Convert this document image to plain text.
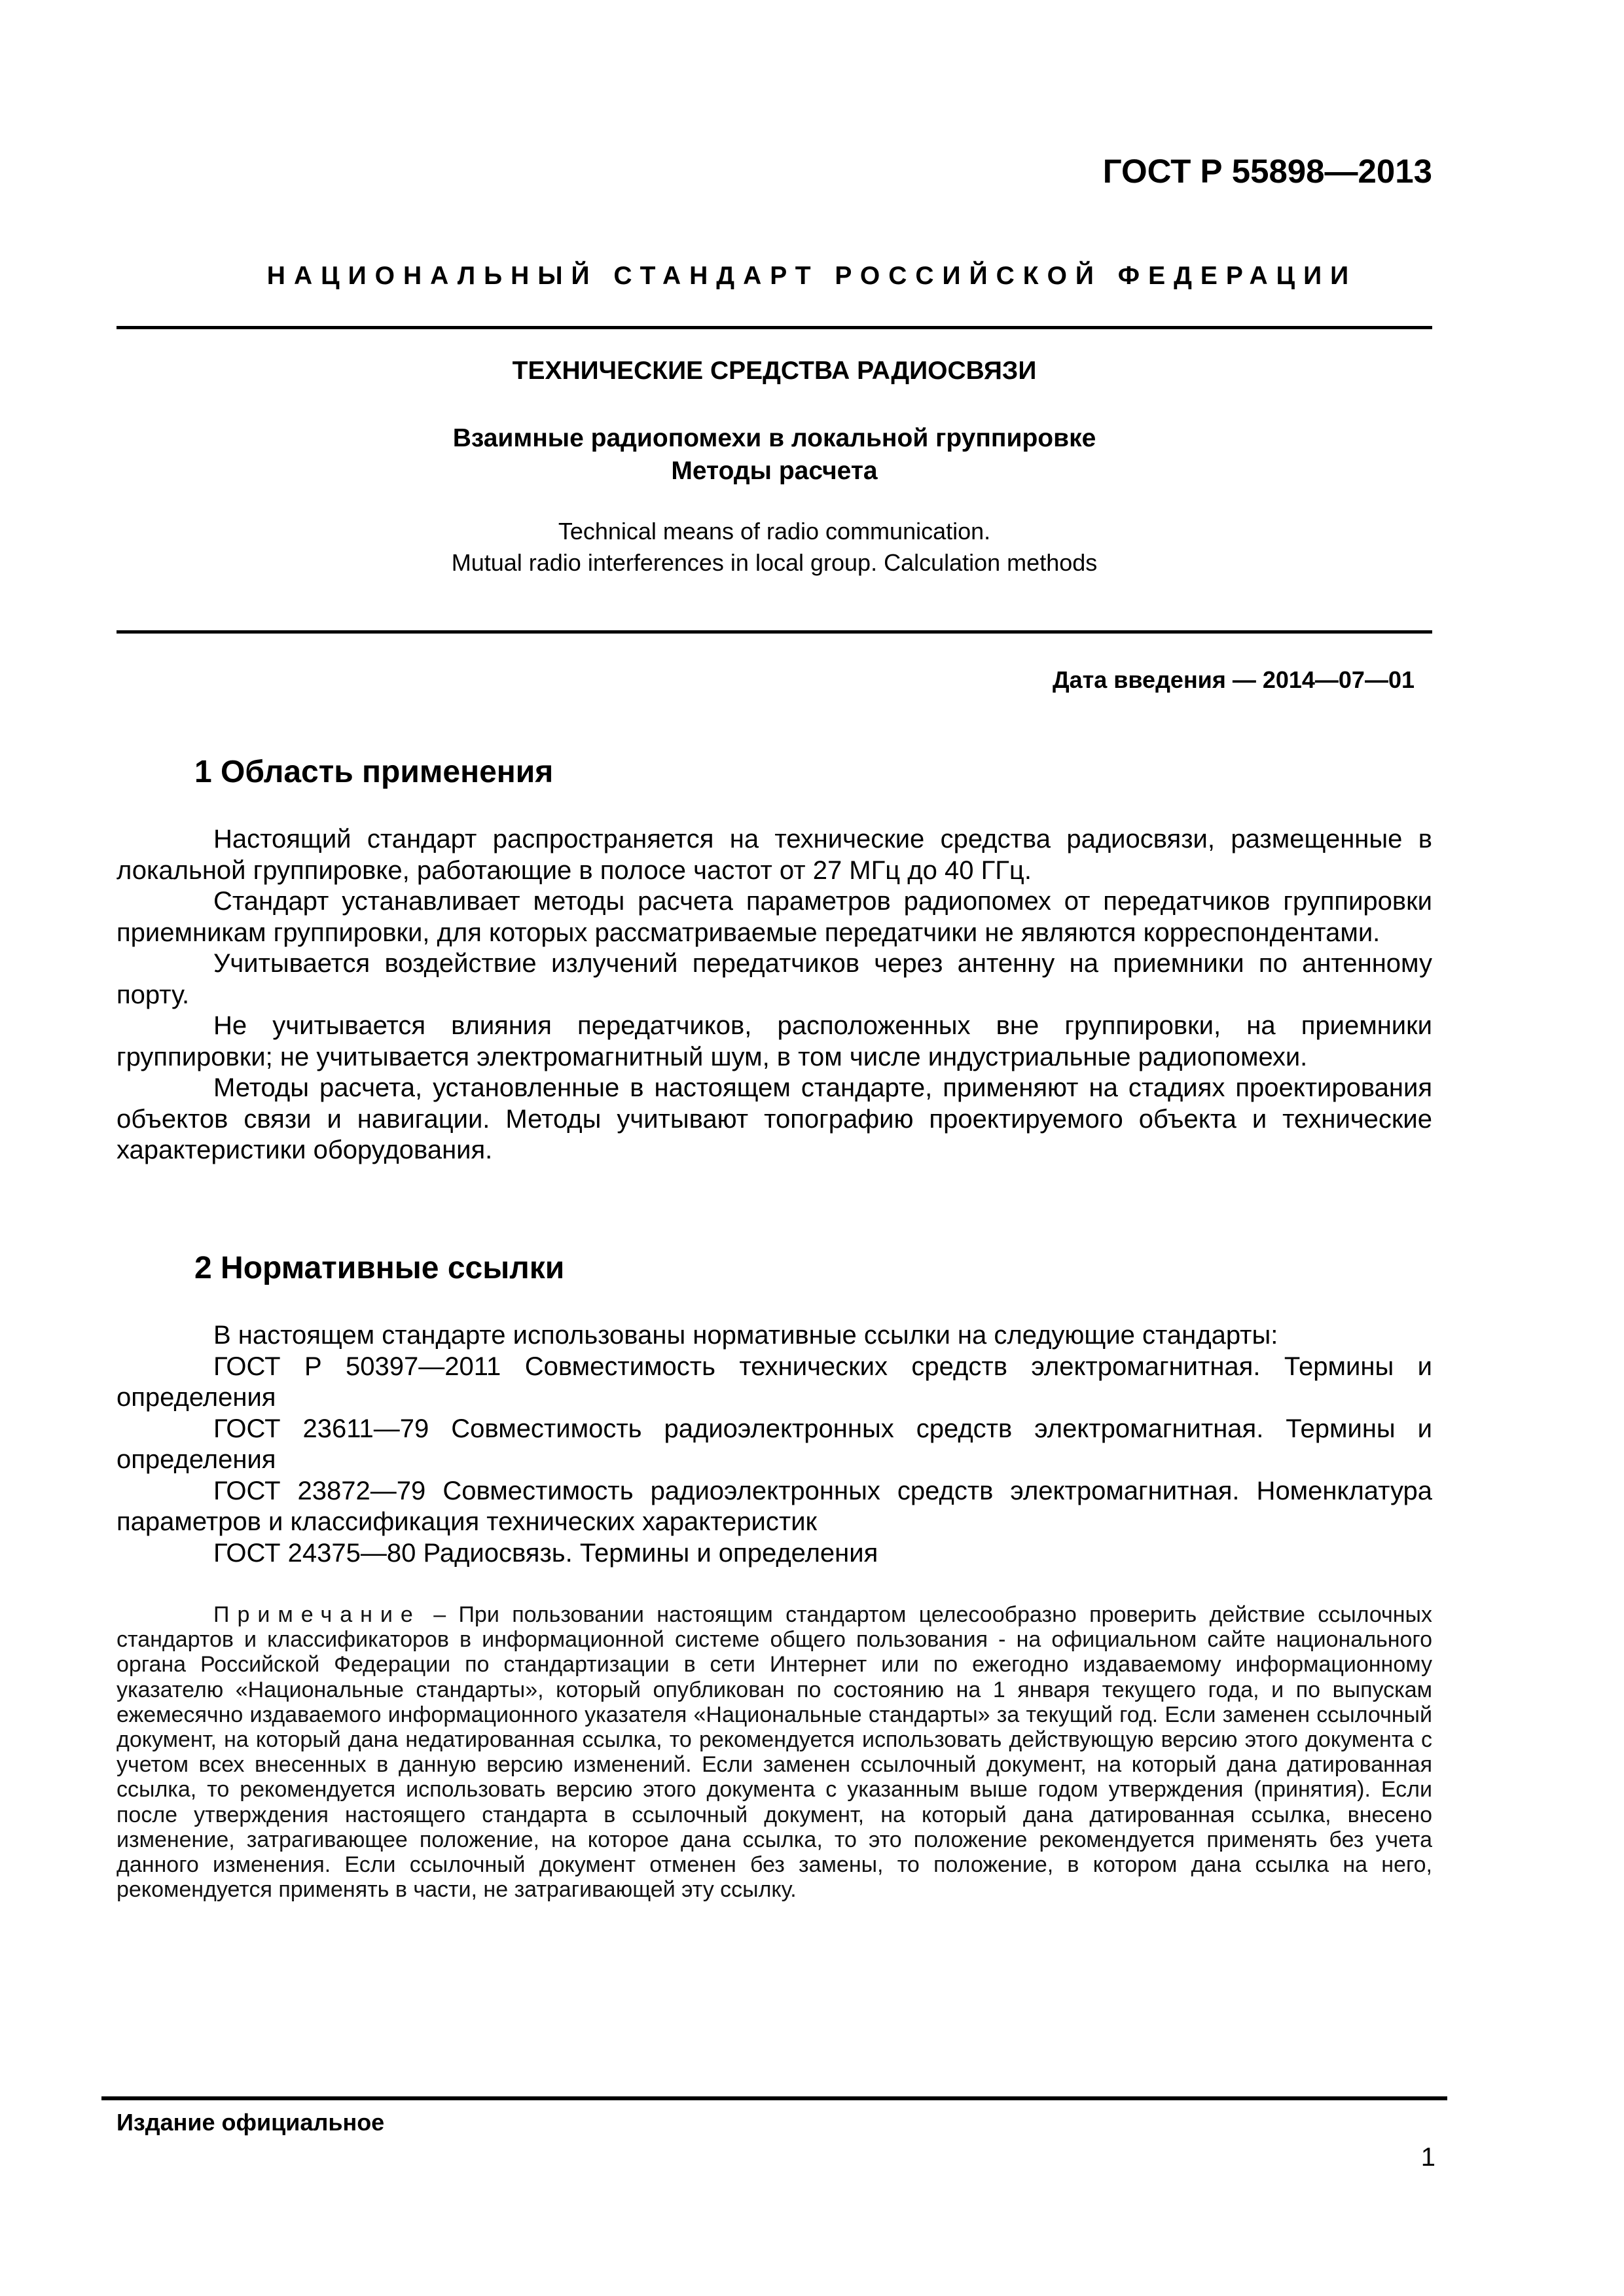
ГОСТ Р 55898—2013
НАЦИОНАЛЬНЫЙ СТАНДАРТ РОССИЙСКОЙ ФЕДЕРАЦИИ
ТЕХНИЧЕСКИЕ СРЕДСТВА РАДИОСВЯЗИ
Взаимные радиопомехи в локальной группировке
Методы расчета
Technical means of radio communication.
Mutual radio interferences in local group. Calculation methods
Дата введения — 2014—07—01
1 Область применения

Настоящий стандарт распространяется на технические средства радиосвязи, размещенные в локальной группировке, работающие в полосе частот от 27 МГц до 40 ГГц.

Стандарт устанавливает методы расчета параметров радиопомех от передатчиков группировки приемникам группировки, для которых рассматриваемые передатчики не являются корреспондентами.

Учитывается воздействие излучений передатчиков через антенну на приемники по антенному порту.

Не учитывается влияния передатчиков, расположенных вне группировки, на приемники группировки; не учитывается электромагнитный шум, в том числе индустриальные радиопомехи.

Методы расчета, установленные в настоящем стандарте, применяют на стадиях проектирования объектов связи и навигации. Методы учитывают топографию проектируемого объекта и технические характеристики оборудования.

2 Нормативные ссылки

В настоящем стандарте использованы нормативные ссылки на следующие стандарты:

ГОСТ Р 50397—2011 Совместимость технических средств электромагнитная. Термины и определения

ГОСТ 23611—79 Совместимость радиоэлектронных средств электромагнитная. Термины и определения

ГОСТ 23872—79 Совместимость радиоэлектронных средств электромагнитная. Номенклатура параметров и классификация технических характеристик

ГОСТ 24375—80 Радиосвязь. Термины и определения

Примечание – При пользовании настоящим стандартом целесообразно проверить действие ссылочных стандартов и классификаторов в информационной системе общего пользования - на официальном сайте национального органа Российской Федерации по стандартизации в сети Интернет или по ежегодно издаваемому информационному указателю «Национальные стандарты», который опубликован по состоянию на 1 января текущего года, и по выпускам ежемесячно издаваемого информационного указателя «Национальные стандарты» за текущий год. Если заменен ссылочный документ, на который дана недатированная ссылка, то рекомендуется использовать действующую версию этого документа с учетом всех внесенных в данную версию изменений. Если заменен ссылочный документ, на который дана датированная ссылка, то рекомендуется использовать версию этого документа с указанным выше годом утверждения (принятия). Если после утверждения настоящего стандарта в ссылочный документ, на который дана датированная ссылка, внесено изменение, затрагивающее положение, на которое дана ссылка, то это положение рекомендуется применять без учета данного изменения. Если ссылочный документ отменен без замены, то положение, в котором дана ссылка на него, рекомендуется применять в части, не затрагивающей эту ссылку.

Издание официальное
1
